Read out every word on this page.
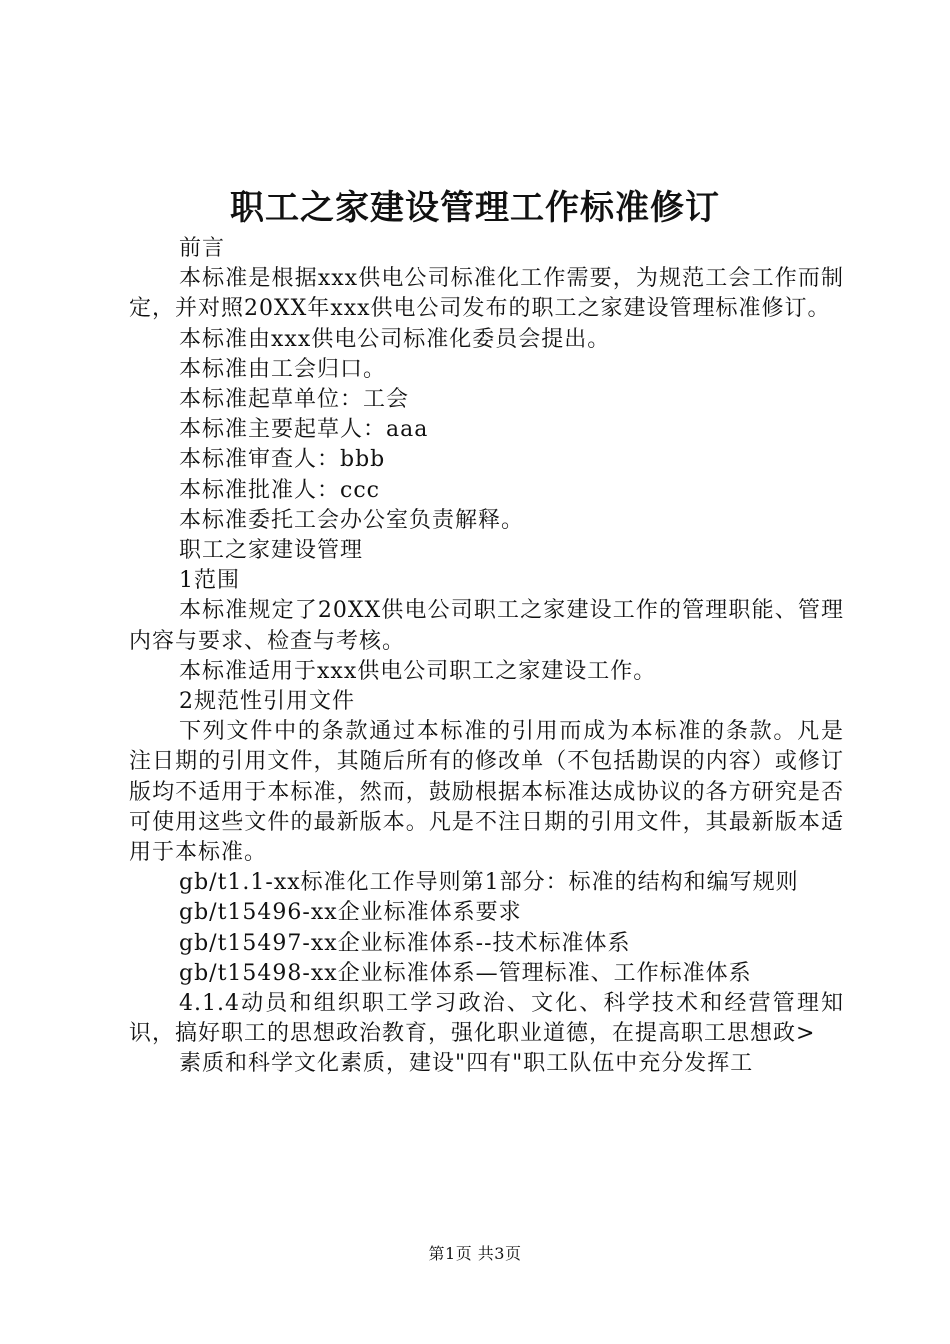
职工之家建设管理工作标准修订

前言

本标准是根据xxx供电公司标准化工作需要，为规范工会工作而制定，并对照20XX年xxx供电公司发布的职工之家建设管理标准修订。

本标准由xxx供电公司标准化委员会提出。

本标准由工会归口。

本标准起草单位：工会

本标准主要起草人：aaa

本标准审查人：bbb

本标准批准人：ccc

本标准委托工会办公室负责解释。

职工之家建设管理

1范围

本标准规定了20XX供电公司职工之家建设工作的管理职能、管理内容与要求、检查与考核。

本标准适用于xxx供电公司职工之家建设工作。

2规范性引用文件

下列文件中的条款通过本标准的引用而成为本标准的条款。凡是注日期的引用文件，其随后所有的修改单（不包括勘误的内容）或修订版均不适用于本标准，然而，鼓励根据本标准达成协议的各方研究是否可使用这些文件的最新版本。凡是不注日期的引用文件，其最新版本适用于本标准。

gb/t1.1-xx标准化工作导则第1部分：标准的结构和编写规则

gb/t15496-xx企业标准体系要求

gb/t15497-xx企业标准体系--技术标准体系

gb/t15498-xx企业标准体系—管理标准、工作标准体系

4.1.4动员和组织职工学习政治、文化、科学技术和经营管理知识，搞好职工的思想政治教育，强化职业道德，在提高职工思想政>

素质和科学文化素质，建设"四有"职工队伍中充分发挥工

第1页 共3页
